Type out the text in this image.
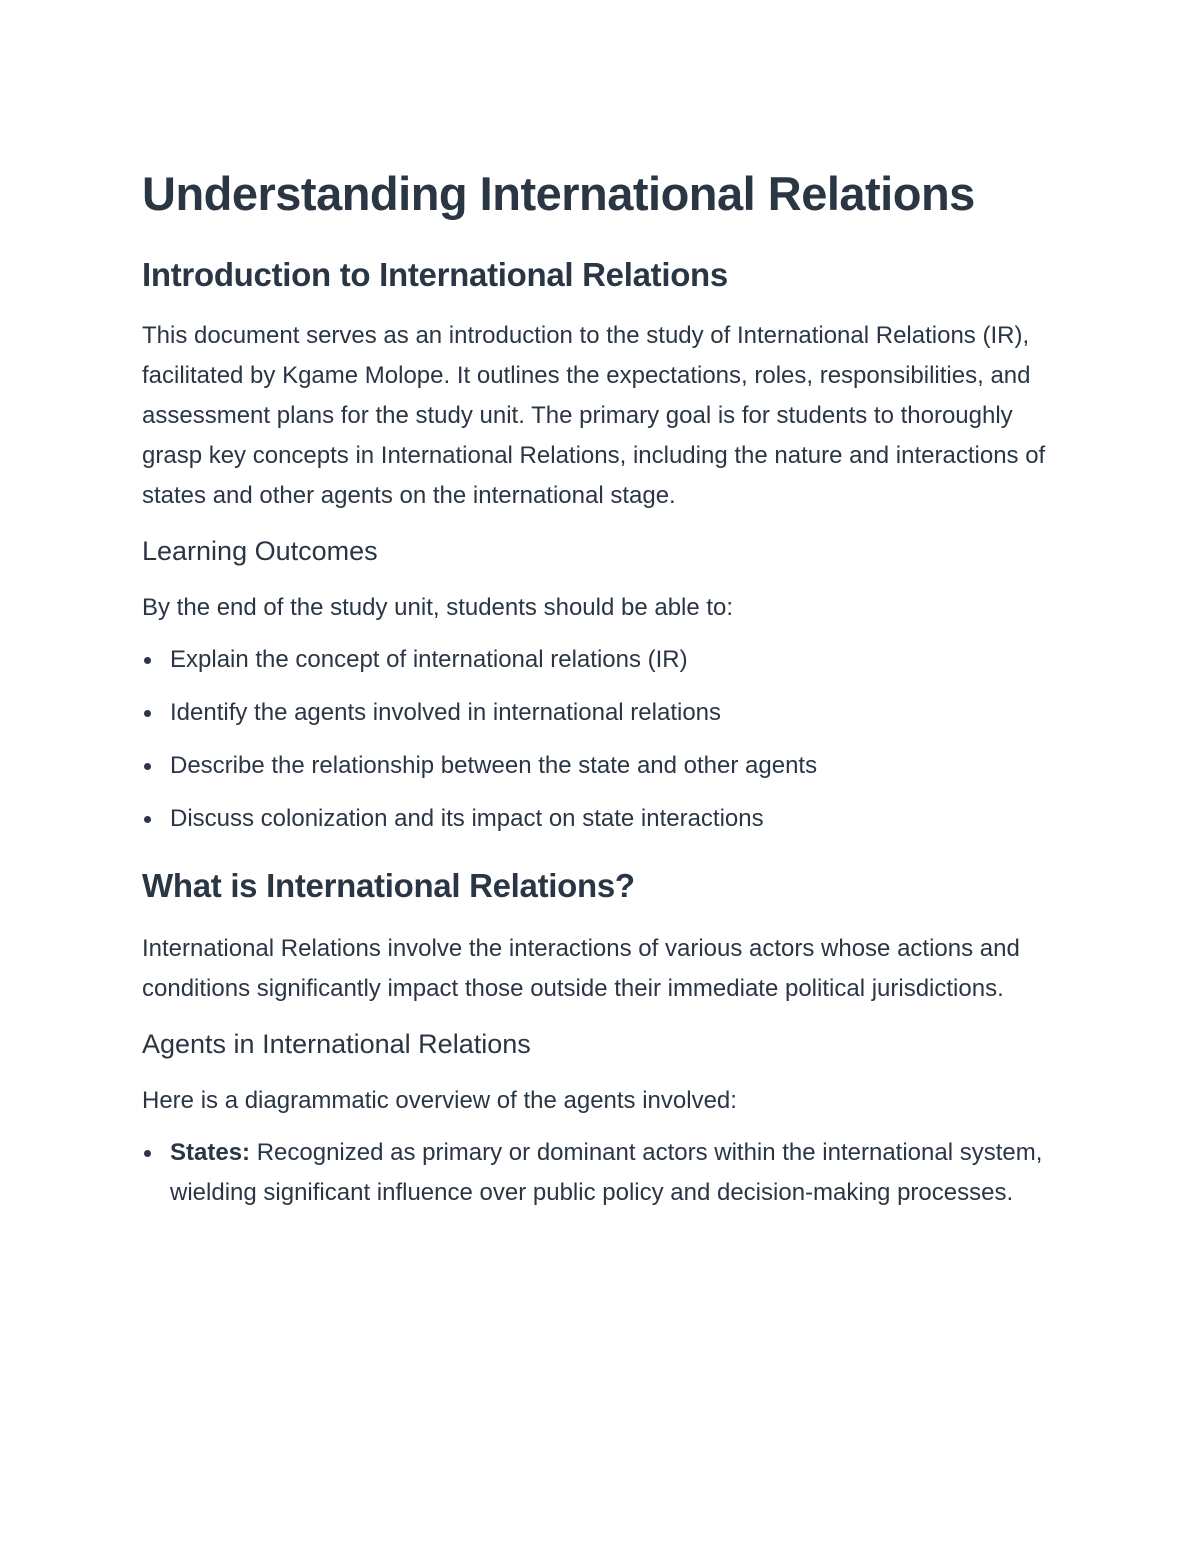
Understanding International Relations
Introduction to International Relations

This document serves as an introduction to the study of International Relations (IR), facilitated by Kgame Molope. It outlines the expectations, roles, responsibilities, and assessment plans for the study unit. The primary goal is for students to thoroughly grasp key concepts in International Relations, including the nature and interactions of states and other agents on the international stage.

Learning Outcomes

By the end of the study unit, students should be able to:

Explain the concept of international relations (IR)
Identify the agents involved in international relations
Describe the relationship between the state and other agents
Discuss colonization and its impact on state interactions
What is International Relations?

International Relations involve the interactions of various actors whose actions and conditions significantly impact those outside their immediate political jurisdictions.

Agents in International Relations

Here is a diagrammatic overview of the agents involved:

States: Recognized as primary or dominant actors within the international system, wielding significant influence over public policy and decision-making processes.
